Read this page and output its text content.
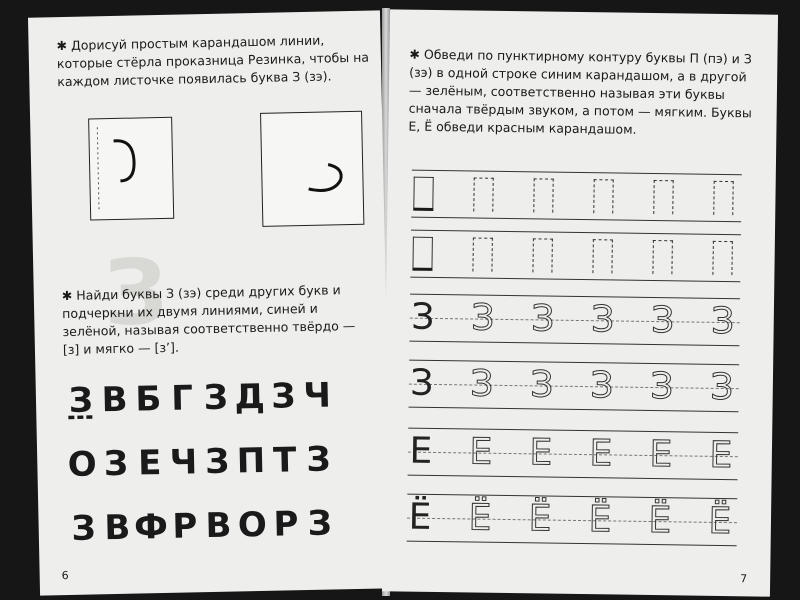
З
✱ Дорисуй простым карандашом линии, которые стёрла проказница Резинка, чтобы на каждом листочке появилась буква З (зэ).
✱ Найди буквы З (зэ) среди других букв и подчеркни их двумя линиями, синей и зелёной, называя соответственно твёрдо — [з] и мягко — [з’].
З В Б Г З Д З Ч
О З Е Ч З П Т З
З В Ф Р В О Р З
6
✱ Обведи по пунктирному контуру буквы П (пэ) и З (зэ) в одной строке синим карандашом, а в другой — зелёным, соответственно называя эти буквы сначала твёрдым звуком, а потом — мягким. Буквы Е, Ё обведи красным карандашом.
З З З З З З
З З З З З З
Е Е Е Е Е Е
Ё Ё Ё Ё Ё Ё
7
